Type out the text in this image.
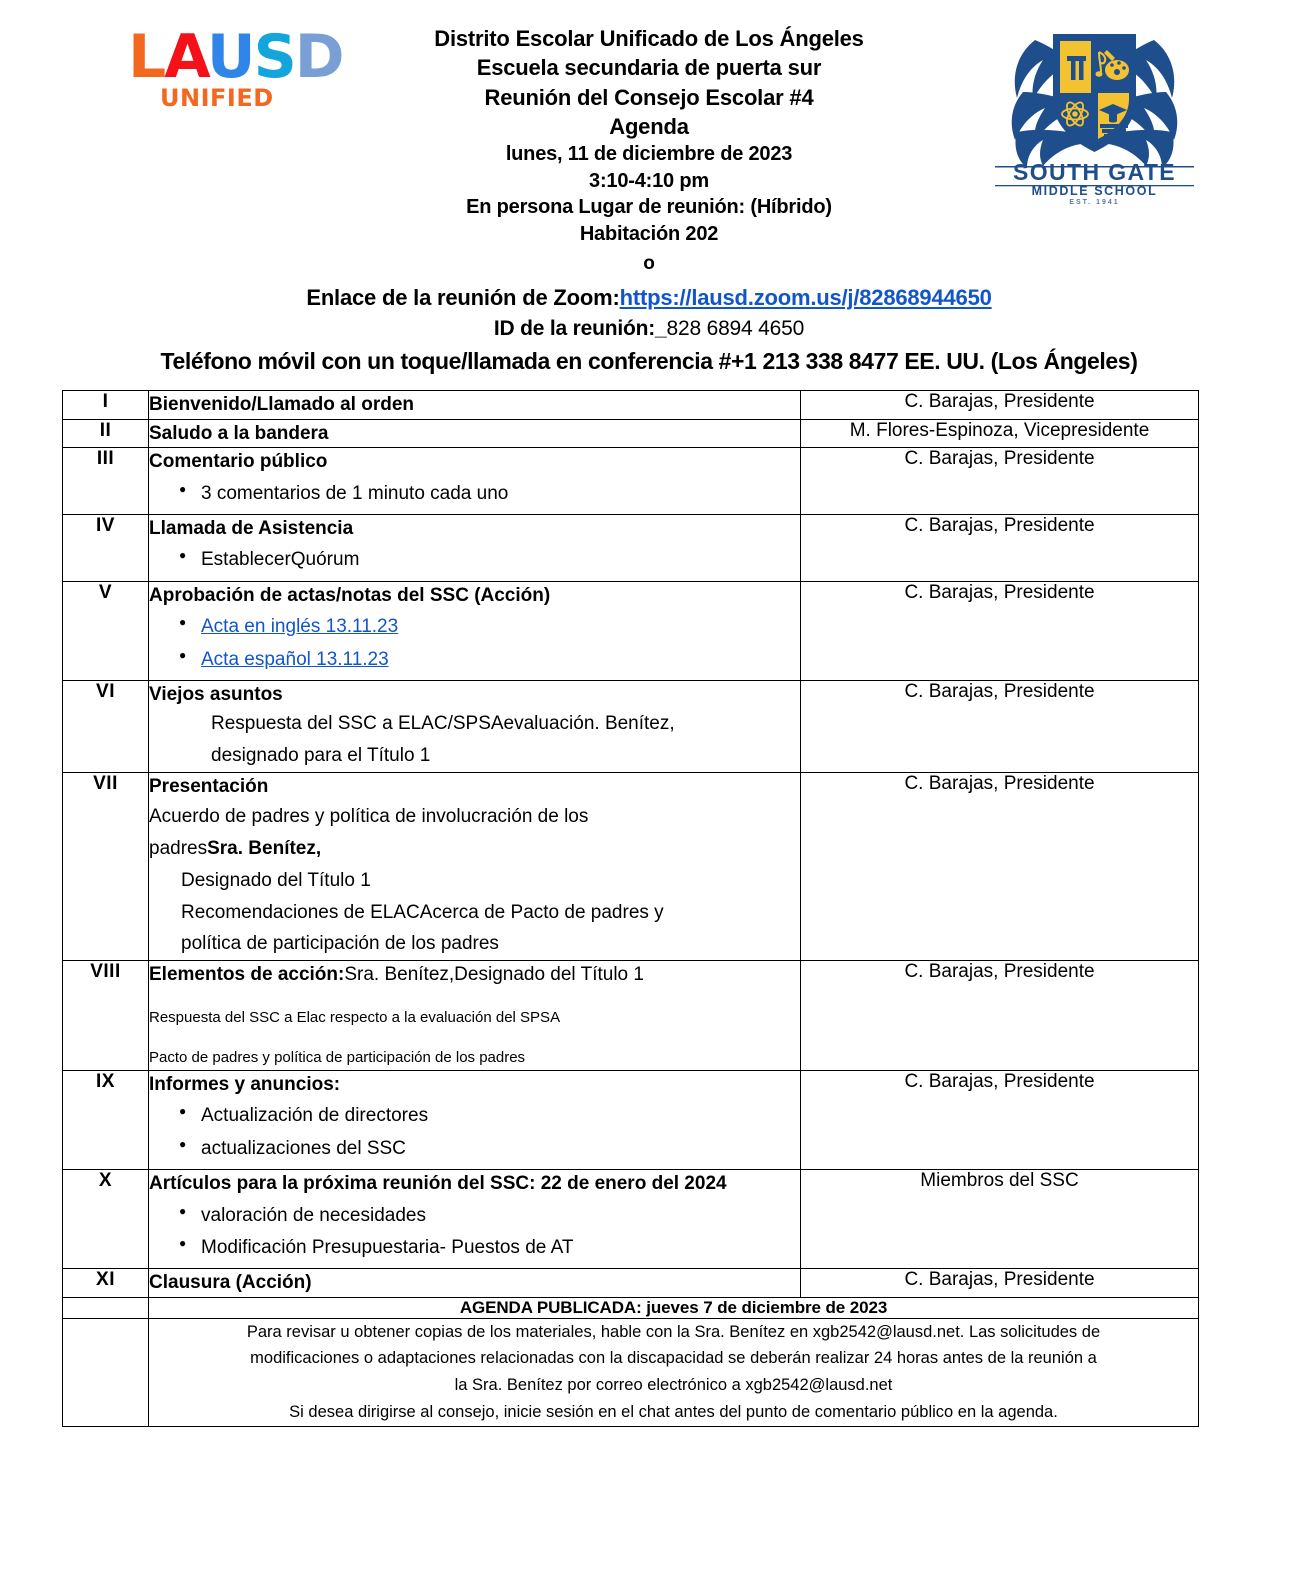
LAUSD
UNIFIED
SOUTH GATE
MIDDLE SCHOOL
EST. 1941
Distrito Escolar Unificado de Los Ángeles
Escuela secundaria de puerta sur
Reunión del Consejo Escolar #4
Agenda
lunes, 11 de diciembre de 2023
3:10-4:10 pm
En persona Lugar de reunión: (Híbrido)
Habitación 202
o
Enlace de la reunión de Zoom:https://lausd.zoom.us/j/82868944650
ID de la reunión:_828 6894 4650
Teléfono móvil con un toque/llamada en conferencia #+1 213 338 8477 EE. UU. (Los Ángeles)
I	Bienvenido/Llamado al orden	C. Barajas, Presidente
II	Saludo a la bandera	M. Flores-Espinoza, Vicepresidente
III	Comentario público
● 3 comentarios de 1 minuto cada uno
	C. Barajas, Presidente
IV	Llamada de Asistencia
● EstablecerQuórum
	C. Barajas, Presidente
V	Aprobación de actas/notas del SSC (Acción)
● Acta en inglés 13.11.23
● Acta español 13.11.23
	C. Barajas, Presidente
VI	Viejos asuntos
Respuesta del SSC a ELAC/SPSAevaluación. Benítez,
designado para el Título 1	C. Barajas, Presidente
VII	Presentación
Acuerdo de padres y política de involucración de los
padresSra. Benítez,
Designado del Título 1
Recomendaciones de ELACAcerca de Pacto de padres y
política de participación de los padres
	C. Barajas, Presidente
VIII	Elementos de acción:Sra. Benítez,Designado del Título 1
Respuesta del SSC a Elac respecto a la evaluación del SPSA
Pacto de padres y política de participación de los padres	C. Barajas, Presidente
IX	Informes y anuncios:
● Actualización de directores
● actualizaciones del SSC
	C. Barajas, Presidente
X	Artículos para la próxima reunión del SSC: 22 de enero del 2024
● valoración de necesidades
● Modificación Presupuestaria- Puestos de AT
	Miembros del SSC
XI	Clausura (Acción)	C. Barajas, Presidente
	AGENDA PUBLICADA: jueves 7 de diciembre de 2023	

	Para revisar u obtener copias de los materiales, hable con la Sra. Benítez en xgb2542@lausd.net. Las solicitudes de
modificaciones o adaptaciones relacionadas con la discapacidad se deberán realizar 24 horas antes de la reunión a
la Sra. Benítez por correo electrónico a xgb2542@lausd.net
Si desea dirigirse al consejo, inicie sesión en el chat antes del punto de comentario público en la agenda.	
